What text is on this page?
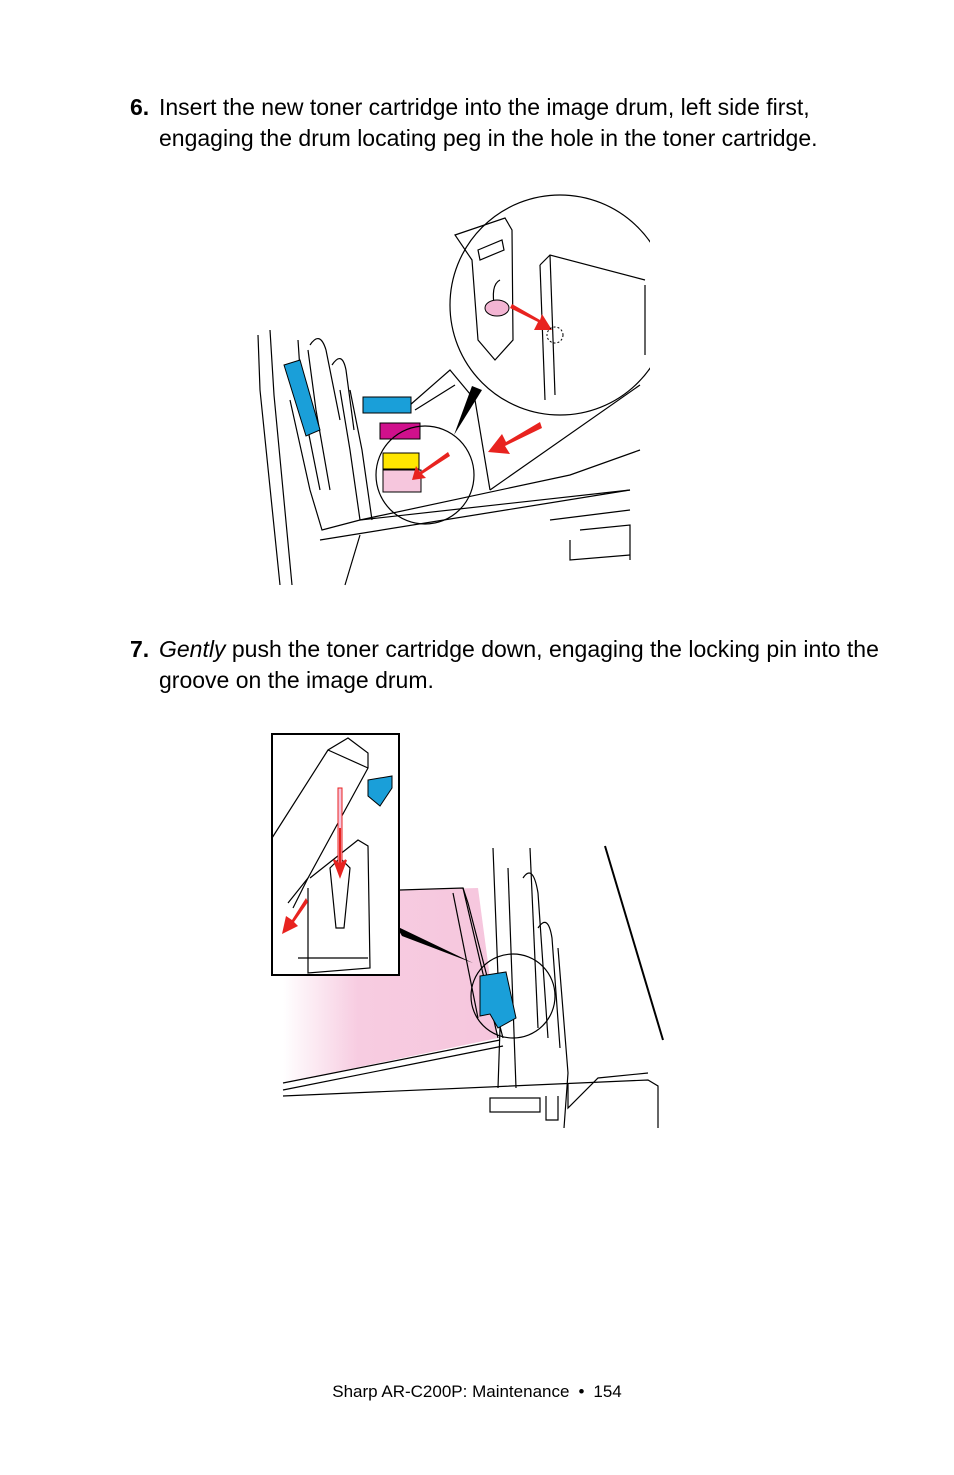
6. Insert the new toner cartridge into the image drum, left side first, engaging the drum locating peg in the hole in the toner cartridge.
7. Gently push the toner cartridge down, engaging the locking pin into the groove on the image drum.
Sharp AR-C200P: Maintenance • 154
